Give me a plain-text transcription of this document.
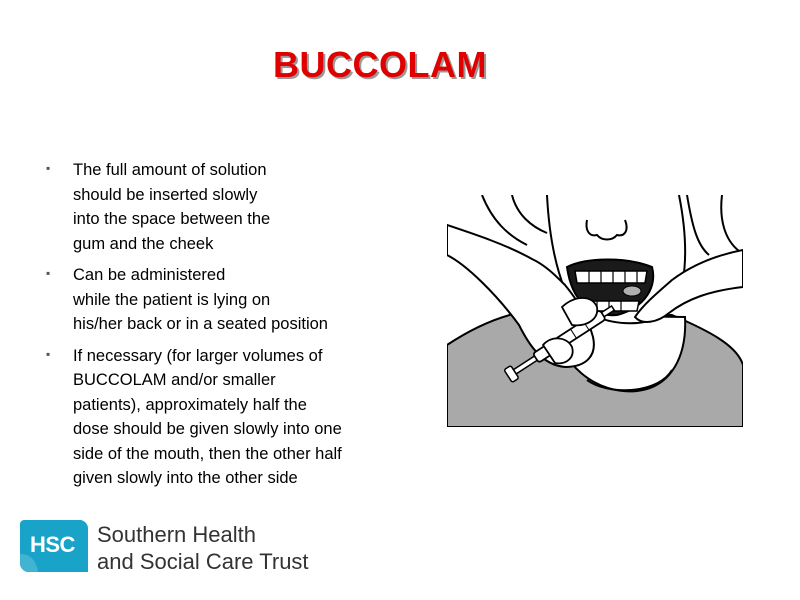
BUCCOLAM
▪ The full amount of solution
should be inserted slowly
into the space between the
gum and the cheek
▪ Can be administered
while the patient is lying on
his/her back or in a seated position
▪ If necessary (for larger volumes of
BUCCOLAM and/or smaller
patients), approximately half the
dose should be given slowly into one
side of the mouth, then the other half
given slowly into the other side
HSC Southern Health
and Social Care Trust
